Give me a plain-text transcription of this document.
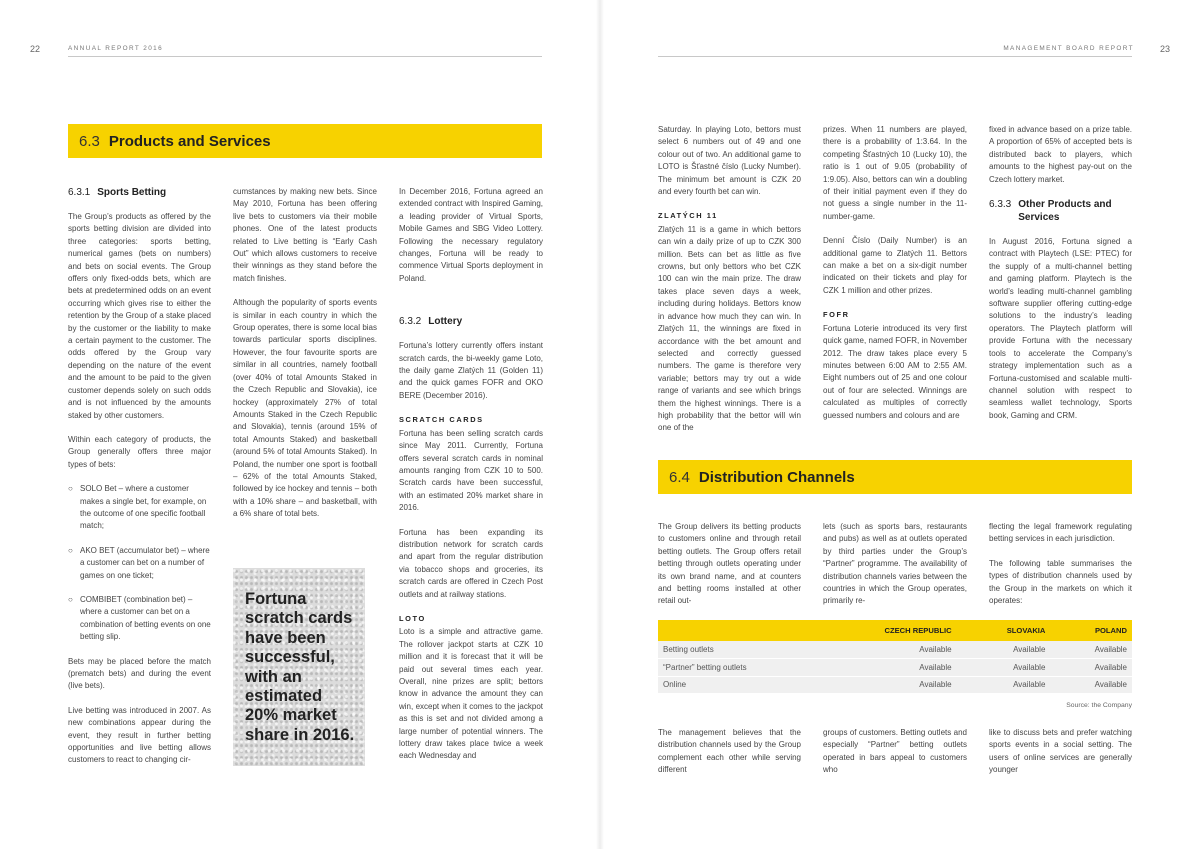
22	ANNUAL REPORT 2016
6.3 Products and Services
6.3.1 Sports Betting

The Group’s products as offered by the sports betting division are divided into three categories: sports betting, numerical games (bets on numbers) and bets on social events. The Group offers only fixed-odds bets, which are bets at predetermined odds on an event occurring which gives rise to either the retention by the Group of a stake placed by the customer or the liability to make a certain payment to the customer. The odds offered by the Group vary depending on the nature of the event and the amount to be paid to the given customer depends solely on such odds and is not influenced by the amounts staked by other customers.

Within each category of products, the Group generally offers three major types of bets:

○ SOLO Bet – where a customer makes a single bet, for example, on the outcome of one specific football match;

○ AKO BET (accumulator bet) – where a customer can bet on a number of games on one ticket;

○ COMBIBET (combination bet) – where a customer can bet on a combination of betting events on one betting slip.

Bets may be placed before the match (prematch bets) and during the event (live bets).

Live betting was introduced in 2007. As new combinations appear during the event, they result in further betting opportunities and live betting allows customers to react to changing cir-

cumstances by making new bets. Since May 2010, Fortuna has been offering live bets to customers via their mobile phones. One of the latest products related to Live betting is “Early Cash Out” which allows customers to receive their winnings as they stand before the match finishes.

Although the popularity of sports events is similar in each country in which the Group operates, there is some local bias towards particular sports disciplines. However, the four favourite sports are similar in all countries, namely football (over 40% of total Amounts Staked in the Czech Republic and Slovakia), ice hockey (approximately 27% of total Amounts Staked in the Czech Republic and Slovakia), tennis (around 15% of total Amounts Staked) and basketball (around 5% of total Amounts Staked). In Poland, the number one sport is football – 62% of the total Amounts Staked, followed by ice hockey and tennis – both with a 10% share – and basketball, with a 6% share of total bets.

Fortuna
scratch cards
have been
successful,
with an
estimated
20% market
share in 2016.

In December 2016, Fortuna agreed an extended contract with Inspired Gaming, a leading provider of Virtual Sports, Mobile Games and SBG Video Lottery. Following the necessary regulatory changes, Fortuna will be ready to commence Virtual Sports deployment in Poland.

6.3.2 Lottery

Fortuna’s lottery currently offers instant scratch cards, the bi-weekly game Loto, the daily game Zlatých 11 (Golden 11) and the quick games FOFR and OKO BERE (December 2016).

SCRATCH CARDS

Fortuna has been selling scratch cards since May 2011. Currently, Fortuna offers several scratch cards in nominal amounts ranging from CZK 10 to 500. Scratch cards have been successful, with an estimated 20% market share in 2016.

Fortuna has been expanding its distribution network for scratch cards and apart from the regular distribution via tobacco shops and groceries, its scratch cards are offered in Czech Post outlets and at railway stations.

LOTO

Loto is a simple and attractive game. The rollover jackpot starts at CZK 10 million and it is forecast that it will be paid out several times each year. Overall, nine prizes are split; bettors know in advance the amount they can win, except when it comes to the jackpot as this is set and not divided among a large number of potential winners. The lottery draw takes place twice a week each Wednesday and

23
MANAGEMENT BOARD REPORT

Saturday. In playing Loto, bettors must select 6 numbers out of 49 and one colour out of two. An additional game to LOTO is Šťastné číslo (Lucky Number). The minimum bet amount is CZK 20 and every fourth bet can win.

ZLATÝCH 11

Zlatých 11 is a game in which bettors can win a daily prize of up to CZK 300 million. Bets can bet as little as five crowns, but only bettors who bet CZK 100 can win the main prize. The draw takes place seven days a week, including during holidays. Bettors know in advance how much they can win. In Zlatých 11, the winnings are fixed in accordance with the bet amount and selected and correctly guessed numbers. The game is therefore very variable; bettors may try out a wide range of variants and see which brings them the highest winnings. There is a high probability that the bettor will win one of the

prizes. When 11 numbers are played, there is a probability of 1:3.64. In the competing Šťastných 10 (Lucky 10), the ratio is 1 out of 9.05 (probability of 1:9.05). Also, bettors can win a doubling of their initial payment even if they do not guess a single number in the 11-number-game.

Denní Číslo (Daily Number) is an additional game to Zlatých 11. Bettors can make a bet on a six-digit number indicated on their tickets and play for CZK 1 million and other prizes.

FOFR

Fortuna Loterie introduced its very first quick game, named FOFR, in November 2012. The draw takes place every 5 minutes between 6:00 AM to 2:55 AM. Eight numbers out of 25 and one colour out of four are selected. Winnings are calculated as multiples of correctly guessed numbers and colours and are

fixed in advance based on a prize table. A proportion of 65% of accepted bets is distributed back to players, which amounts to the highest pay-out on the Czech lottery market.

6.3.3 Other Products and Services

In August 2016, Fortuna signed a contract with Playtech (LSE: PTEC) for the supply of a multi-channel betting and gaming platform. Playtech is the world’s leading multi-channel gambling software supplier offering cutting-edge solutions to the industry’s leading operators. The Playtech platform will provide Fortuna with the necessary tools to accelerate the Company’s strategy implementation such as a Fortuna-customised and scalable multi-channel solution with respect to seamless wallet technology, Sports book, Gaming and CRM.

6.4 Distribution Channels

The Group delivers its betting products to customers online and through retail betting outlets. The Group offers retail betting through outlets operating under its own brand name, and at counters and betting rooms installed at other retail out-

lets (such as sports bars, restaurants and pubs) as well as at outlets operated by third parties under the Group’s “Partner” programme. The availability of distribution channels varies between the countries in which the Group operates, primarily re-

flecting the legal framework regulating betting services in each jurisdiction.

The following table summarises the types of distribution channels used by the Group in the markets on which it operates:

	CZECH REPUBLIC	SLOVAKIA	POLAND
Betting outlets	Available	Available	Available
“Partner” betting outlets	Available	Available	Available
Online	Available	Available	Available
Source: the Company

The management believes that the distribution channels used by the Group complement each other while serving different

groups of customers. Betting outlets and especially “Partner” betting outlets operated in bars appeal to customers who

like to discuss bets and prefer watching sports events in a social setting. The users of online services are generally younger
